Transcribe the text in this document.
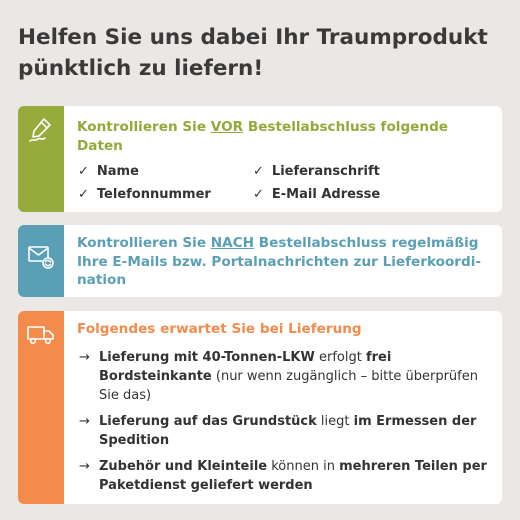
Helfen Sie uns dabei Ihr Traumprodukt pünktlich zu liefern!

Kontrollieren Sie VOR Bestellabschluss folgende Daten

✓ Name	✓ Lieferanschrift
✓ Telefonnummer	✓ E-Mail Adresse

Kontrollieren Sie NACH Bestellabschluss regelmäßig Ihre E-Mails bzw. Portalnachrichten zur Lieferkoordi-nation

Folgendes erwartet Sie bei Lieferung

→ Lieferung mit 40-Tonnen-LKW erfolgt frei Bordsteinkante (nur wenn zugänglich – bitte überprüfen Sie das)
→ Lieferung auf das Grundstück liegt im Ermessen der Spedition
→ Zubehör und Kleinteile können in mehreren Teilen per Paketdienst geliefert werden
